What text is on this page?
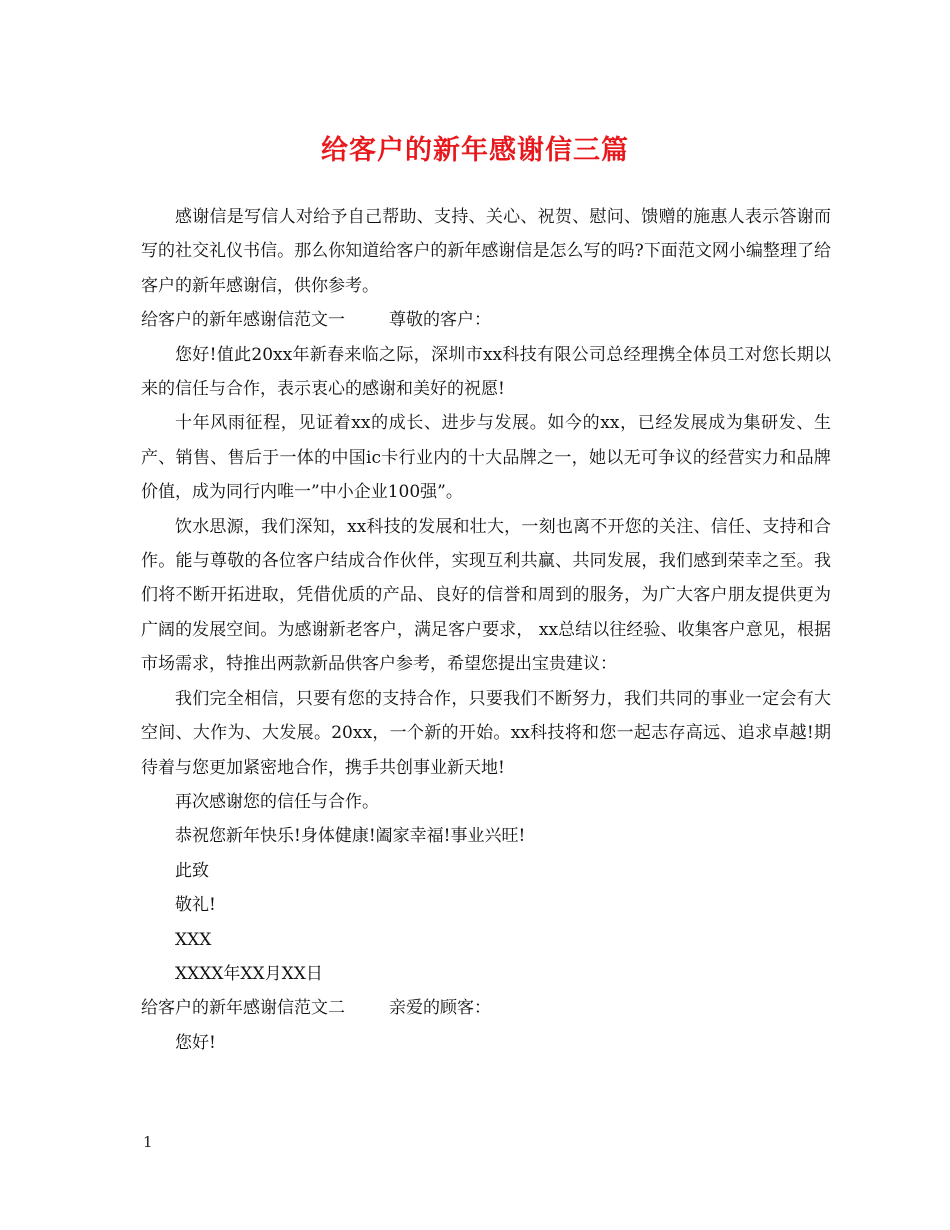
给客户的新年感谢信三篇

感谢信是写信人对给予自己帮助、支持、关心、祝贺、慰问、馈赠的施惠人表示答谢而写的社交礼仪书信。那么你知道给客户的新年感谢信是怎么写的吗?下面范文网小编整理了给客户的新年感谢信，供你参考。

给客户的新年感谢信范文一	尊敬的客户：

您好!值此20xx年新春来临之际，深圳市xx科技有限公司总经理携全体员工对您长期以来的信任与合作，表示衷心的感谢和美好的祝愿!

十年风雨征程，见证着xx的成长、进步与发展。如今的xx，已经发展成为集研发、生产、销售、售后于一体的中国ic卡行业内的十大品牌之一，她以无可争议的经营实力和品牌价值，成为同行内唯一”中小企业100强”。

饮水思源，我们深知，xx科技的发展和壮大，一刻也离不开您的关注、信任、支持和合作。能与尊敬的各位客户结成合作伙伴，实现互利共赢、共同发展，我们感到荣幸之至。我们将不断开拓进取，凭借优质的产品、良好的信誉和周到的服务，为广大客户朋友提供更为广阔的发展空间。为感谢新老客户，满足客户要求， xx总结以往经验、收集客户意见，根据市场需求，特推出两款新品供客户参考，希望您提出宝贵建议：

我们完全相信，只要有您的支持合作，只要我们不断努力，我们共同的事业一定会有大空间、大作为、大发展。20xx，一个新的开始。xx科技将和您一起志存高远、追求卓越!期待着与您更加紧密地合作，携手共创事业新天地!

再次感谢您的信任与合作。

恭祝您新年快乐!身体健康!阖家幸福!事业兴旺!

此致

敬礼!

XXX

XXXX年XX月XX日

给客户的新年感谢信范文二	亲爱的顾客：

您好!

1
